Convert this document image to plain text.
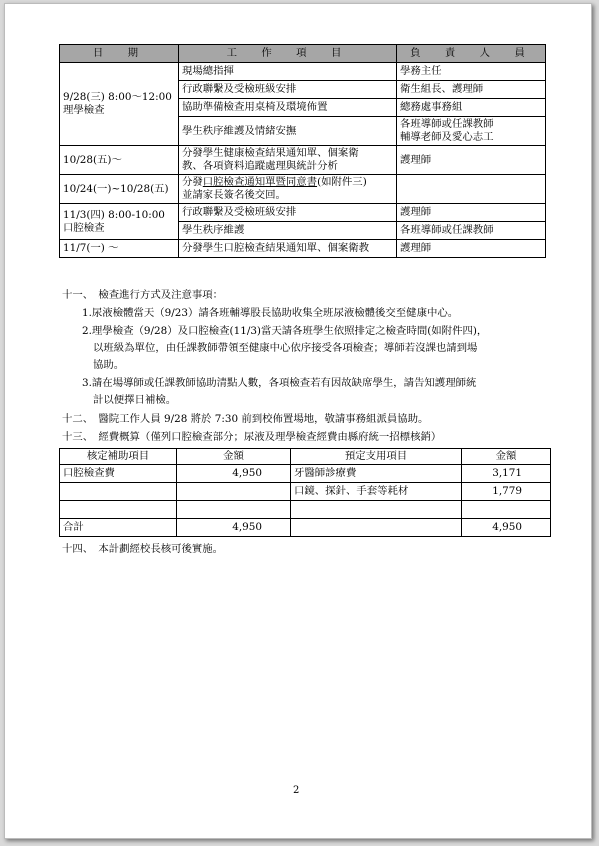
日　期	工　作　項　目	負　責　人　員
9/28(三) 8:00～12:00
理學檢查	現場總指揮	學務主任
	行政聯繫及受檢班級安排	衛生組長、護理師
	協助準備檢查用桌椅及環境佈置	總務處事務組
	學生秩序維護及情緒安撫	各班導師或任課教師
輔導老師及愛心志工
10/28(五)～	分發學生健康檢查結果通知單、個案衛
教、各項資料追蹤處理與統計分析	護理師
10/24(一)~10/28(五)	分發口腔檢查通知單暨同意書(如附件三)
並請家長簽名後交回。	
11/3(四) 8:00-10:00
口腔檢查	行政聯繫及受檢班級安排	護理師
	學生秩序維護	各班導師或任課教師
11/7(一) ～	分發學生口腔檢查結果通知單、個案衛教	護理師
十一、　檢查進行方式及注意事項：
1.尿液檢體當天（9/23）請各班輔導股長協助收集全班尿液檢體後交至健康中心。
2.理學檢查（9/28）及口腔檢查(11/3)當天請各班學生依照排定之檢查時間(如附件四)，
以班級為單位，由任課教師帶領至健康中心依序接受各項檢查；導師若沒課也請到場
協助。
3.請在場導師或任課教師協助清點人數，各項檢查若有因故缺席學生，請告知護理師統
計以便擇日補檢。
十二、　醫院工作人員 9/28 將於 7:30 前到校佈置場地，敬請事務組派員協助。
十三、　經費概算（僅列口腔檢查部分；尿液及理學檢查經費由縣府統一招標核銷）
核定補助項目	金額	預定支用項目	金額
口腔檢查費	4,950	牙醫師診療費	3,171
		口鏡、探針、手套等耗材	1,779

合計	4,950		4,950
十四、　本計劃經校長核可後實施。
2
